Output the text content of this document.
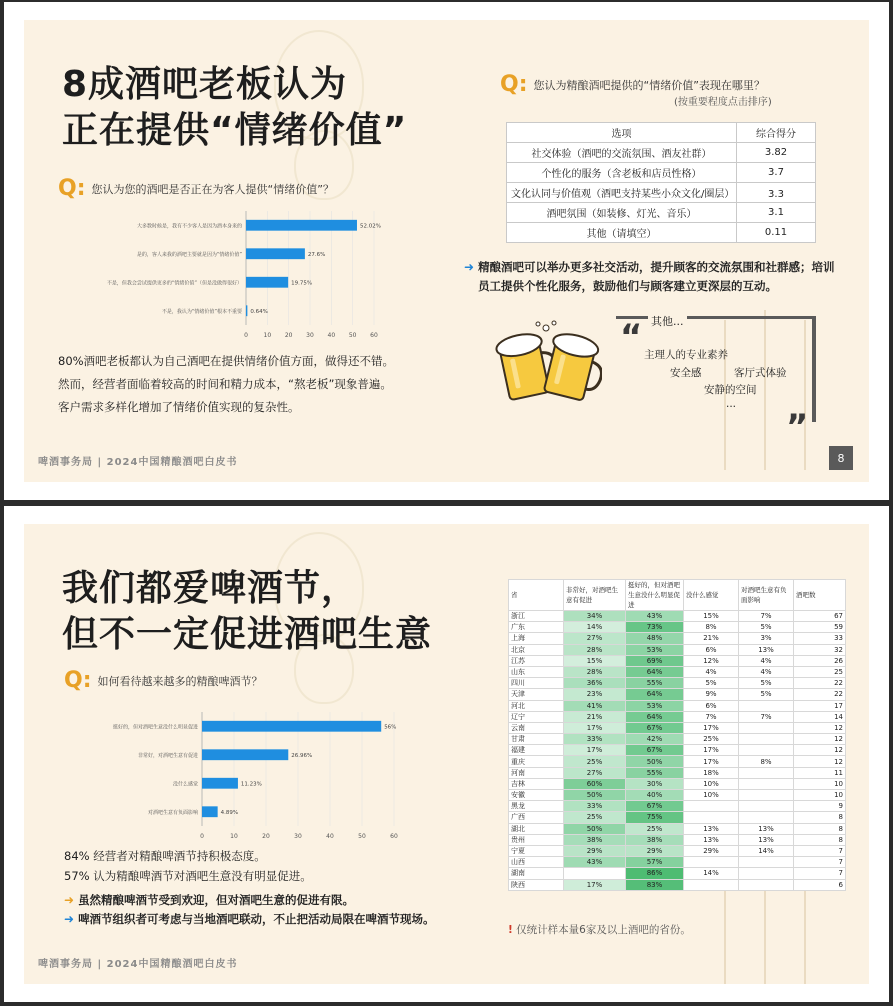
8成酒吧老板认为
正在提供“情绪价值”
Q: 您认为您的酒吧是否正在为客人提供“情绪价值”？
0	10 20 30 40 50 60
52.02%
大多数时候是，我有不少客人是因为酒本身来的
27.6%
是的，客人来我的酒吧主要就是因为“情绪价值”
19.75%
不是，但我会尝试提供更多的“情绪价值”（但是没做得很好）
0.64%
不是，我认为“情绪价值”根本不重要
80%酒吧老板都认为自己酒吧在提供情绪价值方面，做得还不错。
然而，经营者面临着较高的时间和精力成本，“熬老板”现象普遍。
客户需求多样化增加了情绪价值实现的复杂性。
Q: 您认为精酿酒吧提供的“情绪价值”表现在哪里？
(按重要程度点击排序)
选项	综合得分
社交体验（酒吧的交流氛围、酒友社群）	3.82
个性化的服务（含老板和店员性格）	3.7
文化认同与价值观（酒吧支持某些小众文化/圈层）	3.3
酒吧氛围（如装修、灯光、音乐）	3.1
其他（请填空）	0.11
➜ 精酿酒吧可以举办更多社交活动，提升顾客的交流氛围和社群感；培训员工提供个性化服务，鼓励他们与顾客建立更深层的互动。
“
”
其他...
主理人的专业素养
安全感	客厅式体验
安静的空间
...
啤酒事务局 | 2024中国精酿酒吧白皮书	8
我们都爱啤酒节，
但不一定促进酒吧生意
Q: 如何看待越来越多的精酿啤酒节？
0	10	20	30	40	50	60
56%
挺好的，但对酒吧生意没什么明显促进
26.96%
非常好，对酒吧生意有促进
11.23%
没什么感觉
4.89%
对酒吧生意有负面影响
84% 经营者对精酿啤酒节持积极态度。
57% 认为精酿啤酒节对酒吧生意没有明显促进。
➜ 虽然精酿啤酒节受到欢迎，但对酒吧生意的促进有限。
➜ 啤酒节组织者可考虑与当地酒吧联动，不止把活动局限在啤酒节现场。
省	非常好，对酒吧生意有促进	挺好的，但对酒吧生意没什么明显促进	没什么感觉	对酒吧生意有负面影响	酒吧数
浙江	34%	43%	15%	7%	67
广东	14%	73%	8%	5%	59
上海	27%	48%	21%	3%	33
北京	28%	53%	6%	13%	32
江苏	15%	69%	12%	4%	26
山东	28%	64%	4%	4%	25
四川	36%	55%	5%	5%	22
天津	23%	64%	9%	5%	22
河北	41%	53%	6%		17
辽宁	21%	64%	7%	7%	14
云南	17%	67%	17%		12
甘肃	33%	42%	25%		12
福建	17%	67%	17%		12
重庆	25%	50%	17%	8%	12
河南	27%	55%	18%		11
吉林	60%	30%	10%		10
安徽	50%	40%	10%		10
黑龙	33%	67%			9
广西	25%	75%			8
湖北	50%	25%	13%	13%	8
贵州	38%	38%	13%	13%	8
宁夏	29%	29%	29%	14%	7
山西	43%	57%			7
湖南		86%	14%		7
陕西	17%	83%			6
! 仅统计样本量6家及以上酒吧的省份。
啤酒事务局 | 2024中国精酿酒吧白皮书
